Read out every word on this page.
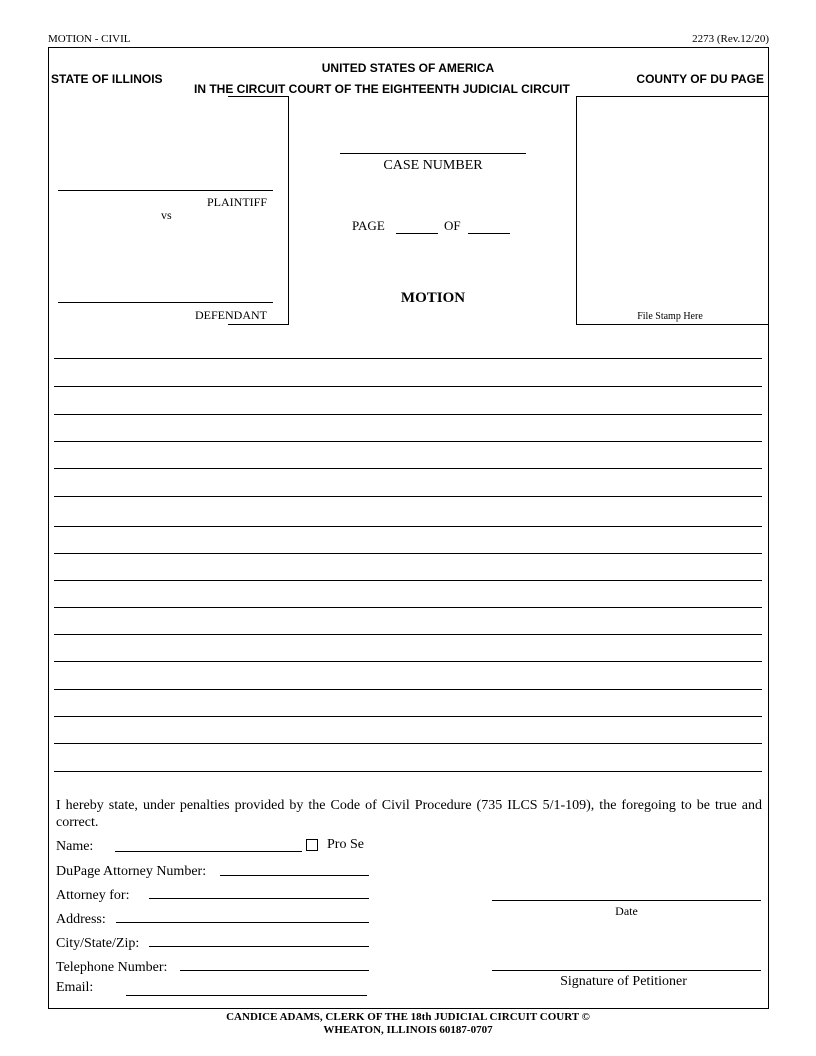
MOTION - CIVIL	2273 (Rev.12/20)
STATE OF ILLINOIS
UNITED STATES OF AMERICA
IN THE CIRCUIT COURT OF THE EIGHTEENTH JUDICIAL CIRCUIT
COUNTY OF DU PAGE
PLAINTIFF
vs
DEFENDANT
CASE NUMBER
PAGE	OF
MOTION
File Stamp Here
I hereby state, under penalties provided by the Code of Civil Procedure (735 ILCS 5/1-109), the foregoing to be true and correct.
Name:	Pro Se
DuPage Attorney Number:
Attorney for:
Address:
City/State/Zip:
Telephone Number:
Email:
Date
Signature of Petitioner
CANDICE ADAMS, CLERK OF THE 18th JUDICIAL CIRCUIT COURT ©
WHEATON, ILLINOIS 60187-0707
